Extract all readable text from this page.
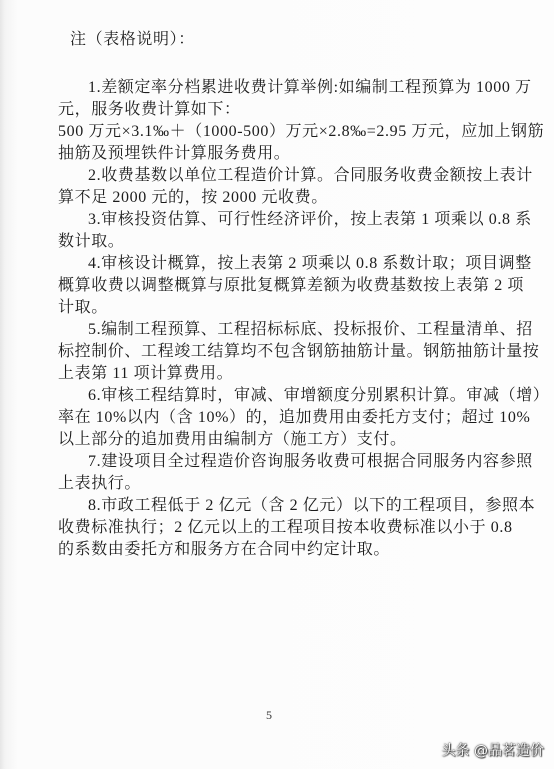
注（表格说明）：
1.差额定率分档累进收费计算举例:如编制工程预算为 1000 万
元，服务收费计算如下：
500 万元×3.1‰＋（1000-500）万元×2.8‰=2.95 万元，应加上钢筋
抽筋及预埋铁件计算服务费用。
2.收费基数以单位工程造价计算。合同服务收费金额按上表计
算不足 2000 元的，按 2000 元收费。
3.审核投资估算、可行性经济评价，按上表第 1 项乘以 0.8 系
数计取。
4.审核设计概算，按上表第 2 项乘以 0.8 系数计取；项目调整
概算收费以调整概算与原批复概算差额为收费基数按上表第 2 项
计取。
5.编制工程预算、工程招标标底、投标报价、工程量清单、招
标控制价、工程竣工结算均不包含钢筋抽筋计量。钢筋抽筋计量按
上表第 11 项计算费用。
6.审核工程结算时，审减、审增额度分别累积计算。审减（增）
率在 10%以内（含 10%）的，追加费用由委托方支付；超过 10%
以上部分的追加费用由编制方（施工方）支付。
7.建设项目全过程造价咨询服务收费可根据合同服务内容参照
上表执行。
8.市政工程低于 2 亿元（含 2 亿元）以下的工程项目，参照本
收费标准执行；2 亿元以上的工程项目按本收费标准以小于 0.8
的系数由委托方和服务方在合同中约定计取。
5
头条 @品茗造价
